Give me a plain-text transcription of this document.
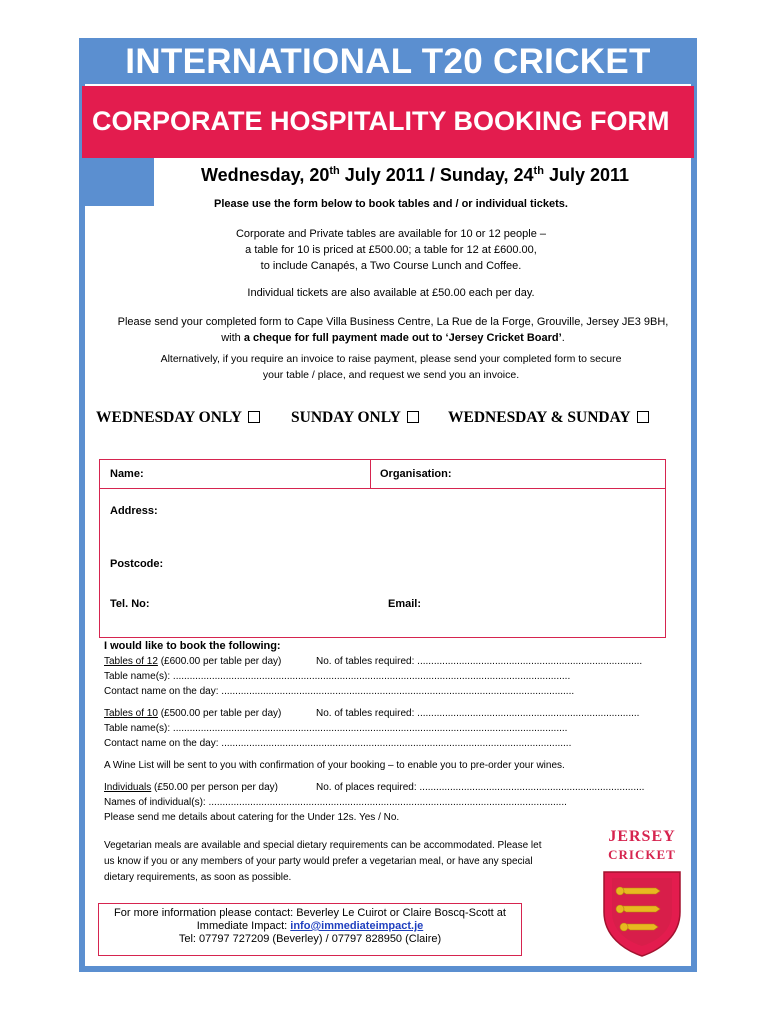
INTERNATIONAL T20 CRICKET
CORPORATE HOSPITALITY BOOKING FORM
Wednesday, 20th July 2011 / Sunday, 24th July 2011
Please use the form below to book tables and / or individual tickets.
Corporate and Private tables are available for 10 or 12 people –
a table for 10 is priced at £500.00; a table for 12 at £600.00,
to include Canapés, a Two Course Lunch and Coffee.
Individual tickets are also available at £50.00 each per day.
Please send your completed form to Cape Villa Business Centre, La Rue de la Forge, Grouville, Jersey JE3 9BH,
with a cheque for full payment made out to ‘Jersey Cricket Board’.
Alternatively, if you require an invoice to raise payment, please send your completed form to secure
your table / place, and request we send you an invoice.
WEDNESDAY ONLY	SUNDAY ONLY	WEDNESDAY & SUNDAY
Name:	Organisation:
Address:
Postcode:
Tel. No:	Email:
I would like to book the following:
Tables of 12 (£600.00 per table per day)	No. of tables required: .................................................................................
Table name(s): ...............................................................................................................................................
Contact name on the day: ...............................................................................................................................
Tables of 10 (£500.00 per table per day)	No. of tables required: ................................................................................
Table name(s): ..............................................................................................................................................
Contact name on the day: ..............................................................................................................................
A Wine List will be sent to you with confirmation of your booking – to enable you to pre-order your wines.
Individuals (£50.00 per person per day)	No. of places required: .................................................................................
Names of individual(s): .................................................................................................................................
Please send me details about catering for the Under 12s. Yes / No.
Vegetarian meals are available and special dietary requirements can be accommodated. Please let
us know if you or any members of your party would prefer a vegetarian meal, or have any special
dietary requirements, as soon as possible.
For more information please contact: Beverley Le Cuirot or Claire Boscq-Scott at
Immediate Impact: info@immediateimpact.je
Tel: 07797 727209 (Beverley) / 07797 828950 (Claire)
JERSEY
CRICKET
